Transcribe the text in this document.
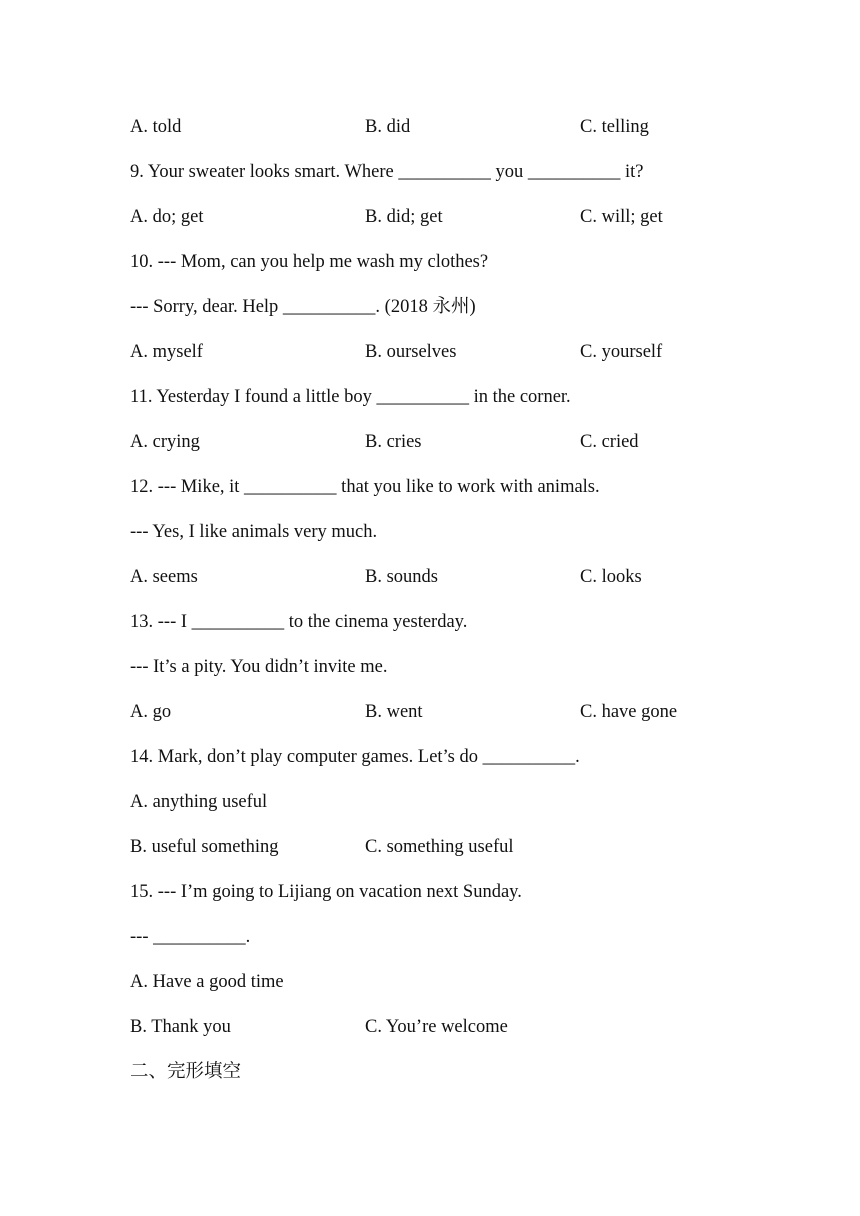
A. told	B. did	C. telling
9. Your sweater looks smart. Where __________ you __________ it?
A. do; get	B. did; get	C. will; get
10. --- Mom, can you help me wash my clothes?
--- Sorry, dear. Help __________. (2018 永州)
A. myself	B. ourselves	C. yourself
11. Yesterday I found a little boy __________ in the corner.
A. crying	B. cries	C. cried
12. --- Mike, it __________ that you like to work with animals.
--- Yes, I like animals very much.
A. seems	B. sounds	C. looks
13. --- I __________ to the cinema yesterday.
--- It’s a pity. You didn’t invite me.
A. go	B. went	C. have gone
14. Mark, don’t play computer games. Let’s do __________.
A. anything useful
B. useful something	C. something useful
15. --- I’m going to Lijiang on vacation next Sunday.
--- __________.
A. Have a good time
B. Thank you	C. You’re welcome
二、完形填空
